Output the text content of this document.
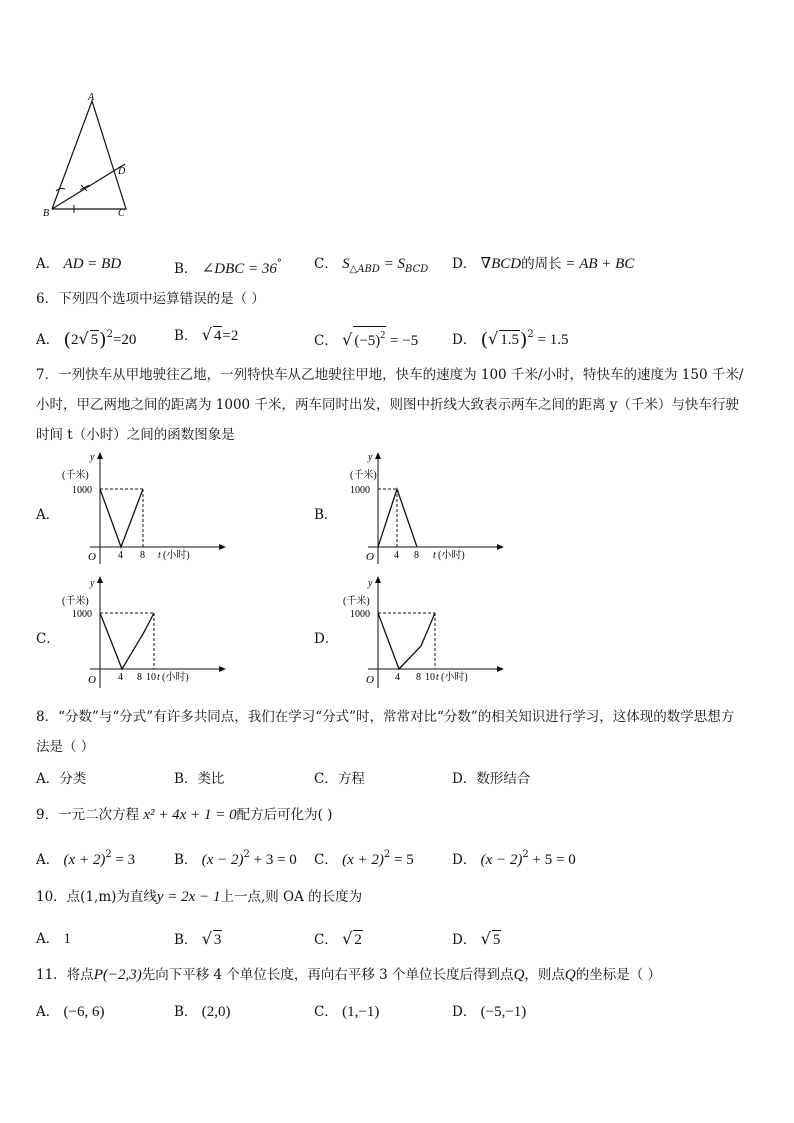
A
B	C
D
A． AD = BD	B． ∠DBC = 36° C． $S_{\triangle ABD} = S_{BCD}$ D． ∇BCD的周长 = AB + BC
6．下列四个选项中运算错误的是（ ）
A． (2√ 5)$^2$=20	B． √ 4=2	C． √ $(-5)^2 = -5$	D． (√ 1.5)$^2$ = 1.5
7．一列快车从甲地驶往乙地，一列特快车从乙地驶往甲地，快车的速度为 100 千米/小时，特快车的速度为 150 千米/
小时，甲乙两地之间的距离为 1000 千米，两车同时出发，则图中折线大致表示两车之间的距离 y（千米）与快车行驶
时间 t（小时）之间的函数图象是
A．	B．
C．	D．
y
(千米)
1000
O 4 8 t (小时)
y
(千米)
1000
O 4 8 t (小时)
y
(千米)
1000
O 4 8 10 t (小时)
y
(千米)
1000
O 4 8 10 t (小时)
8．“分数”与“分式”有许多共同点，我们在学习“分式”时，常常对比“分数”的相关知识进行学习，这体现的数学思想方
法是（ ）
A．分类	B．类比	C．方程	D．数形结合
9．一元二次方程 x² + 4x + 1 = 0配方后可化为( )
A． $(x + 2)^2 = 3$	B． $(x - 2)^2 + 3 = 0$ C． $(x + 2)^2 = 5$	D． $(x - 2)^2 + 5 = 0$
10．点(1,m)为直线y = 2x − 1上一点,则 OA 的长度为
A． 1	B． √ 3	C． √ 2	D． √ 5
11．将点P(−2,3)先向下平移 4 个单位长度，再向右平移 3 个单位长度后得到点Q，则点Q的坐标是（ ）
A． (−6, 6)	B． (2,0)	C． (1,−1)	D． (−5,−1)
